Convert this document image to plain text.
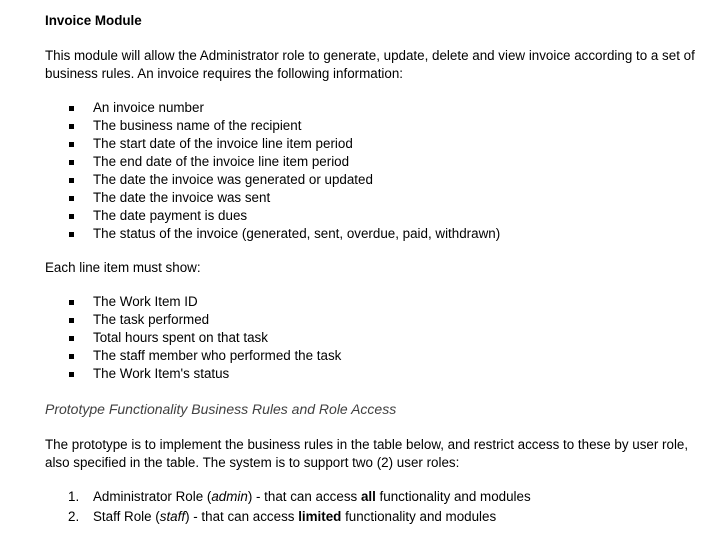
Invoice Module

This module will allow the Administrator role to generate, update, delete and view invoice according to a set of business rules. An invoice requires the following information:

An invoice number
The business name of the recipient
The start date of the invoice line item period
The end date of the invoice line item period
The date the invoice was generated or updated
The date the invoice was sent
The date payment is dues
The status of the invoice (generated, sent, overdue, paid, withdrawn)

Each line item must show:

The Work Item ID
The task performed
Total hours spent on that task
The staff member who performed the task
The Work Item's status
Prototype Functionality Business Rules and Role Access

The prototype is to implement the business rules in the table below, and restrict access to these by user role, also specified in the table. The system is to support two (2) user roles:

1. Administrator Role (admin) - that can access all functionality and modules
2. Staff Role (staff) - that can access limited functionality and modules
